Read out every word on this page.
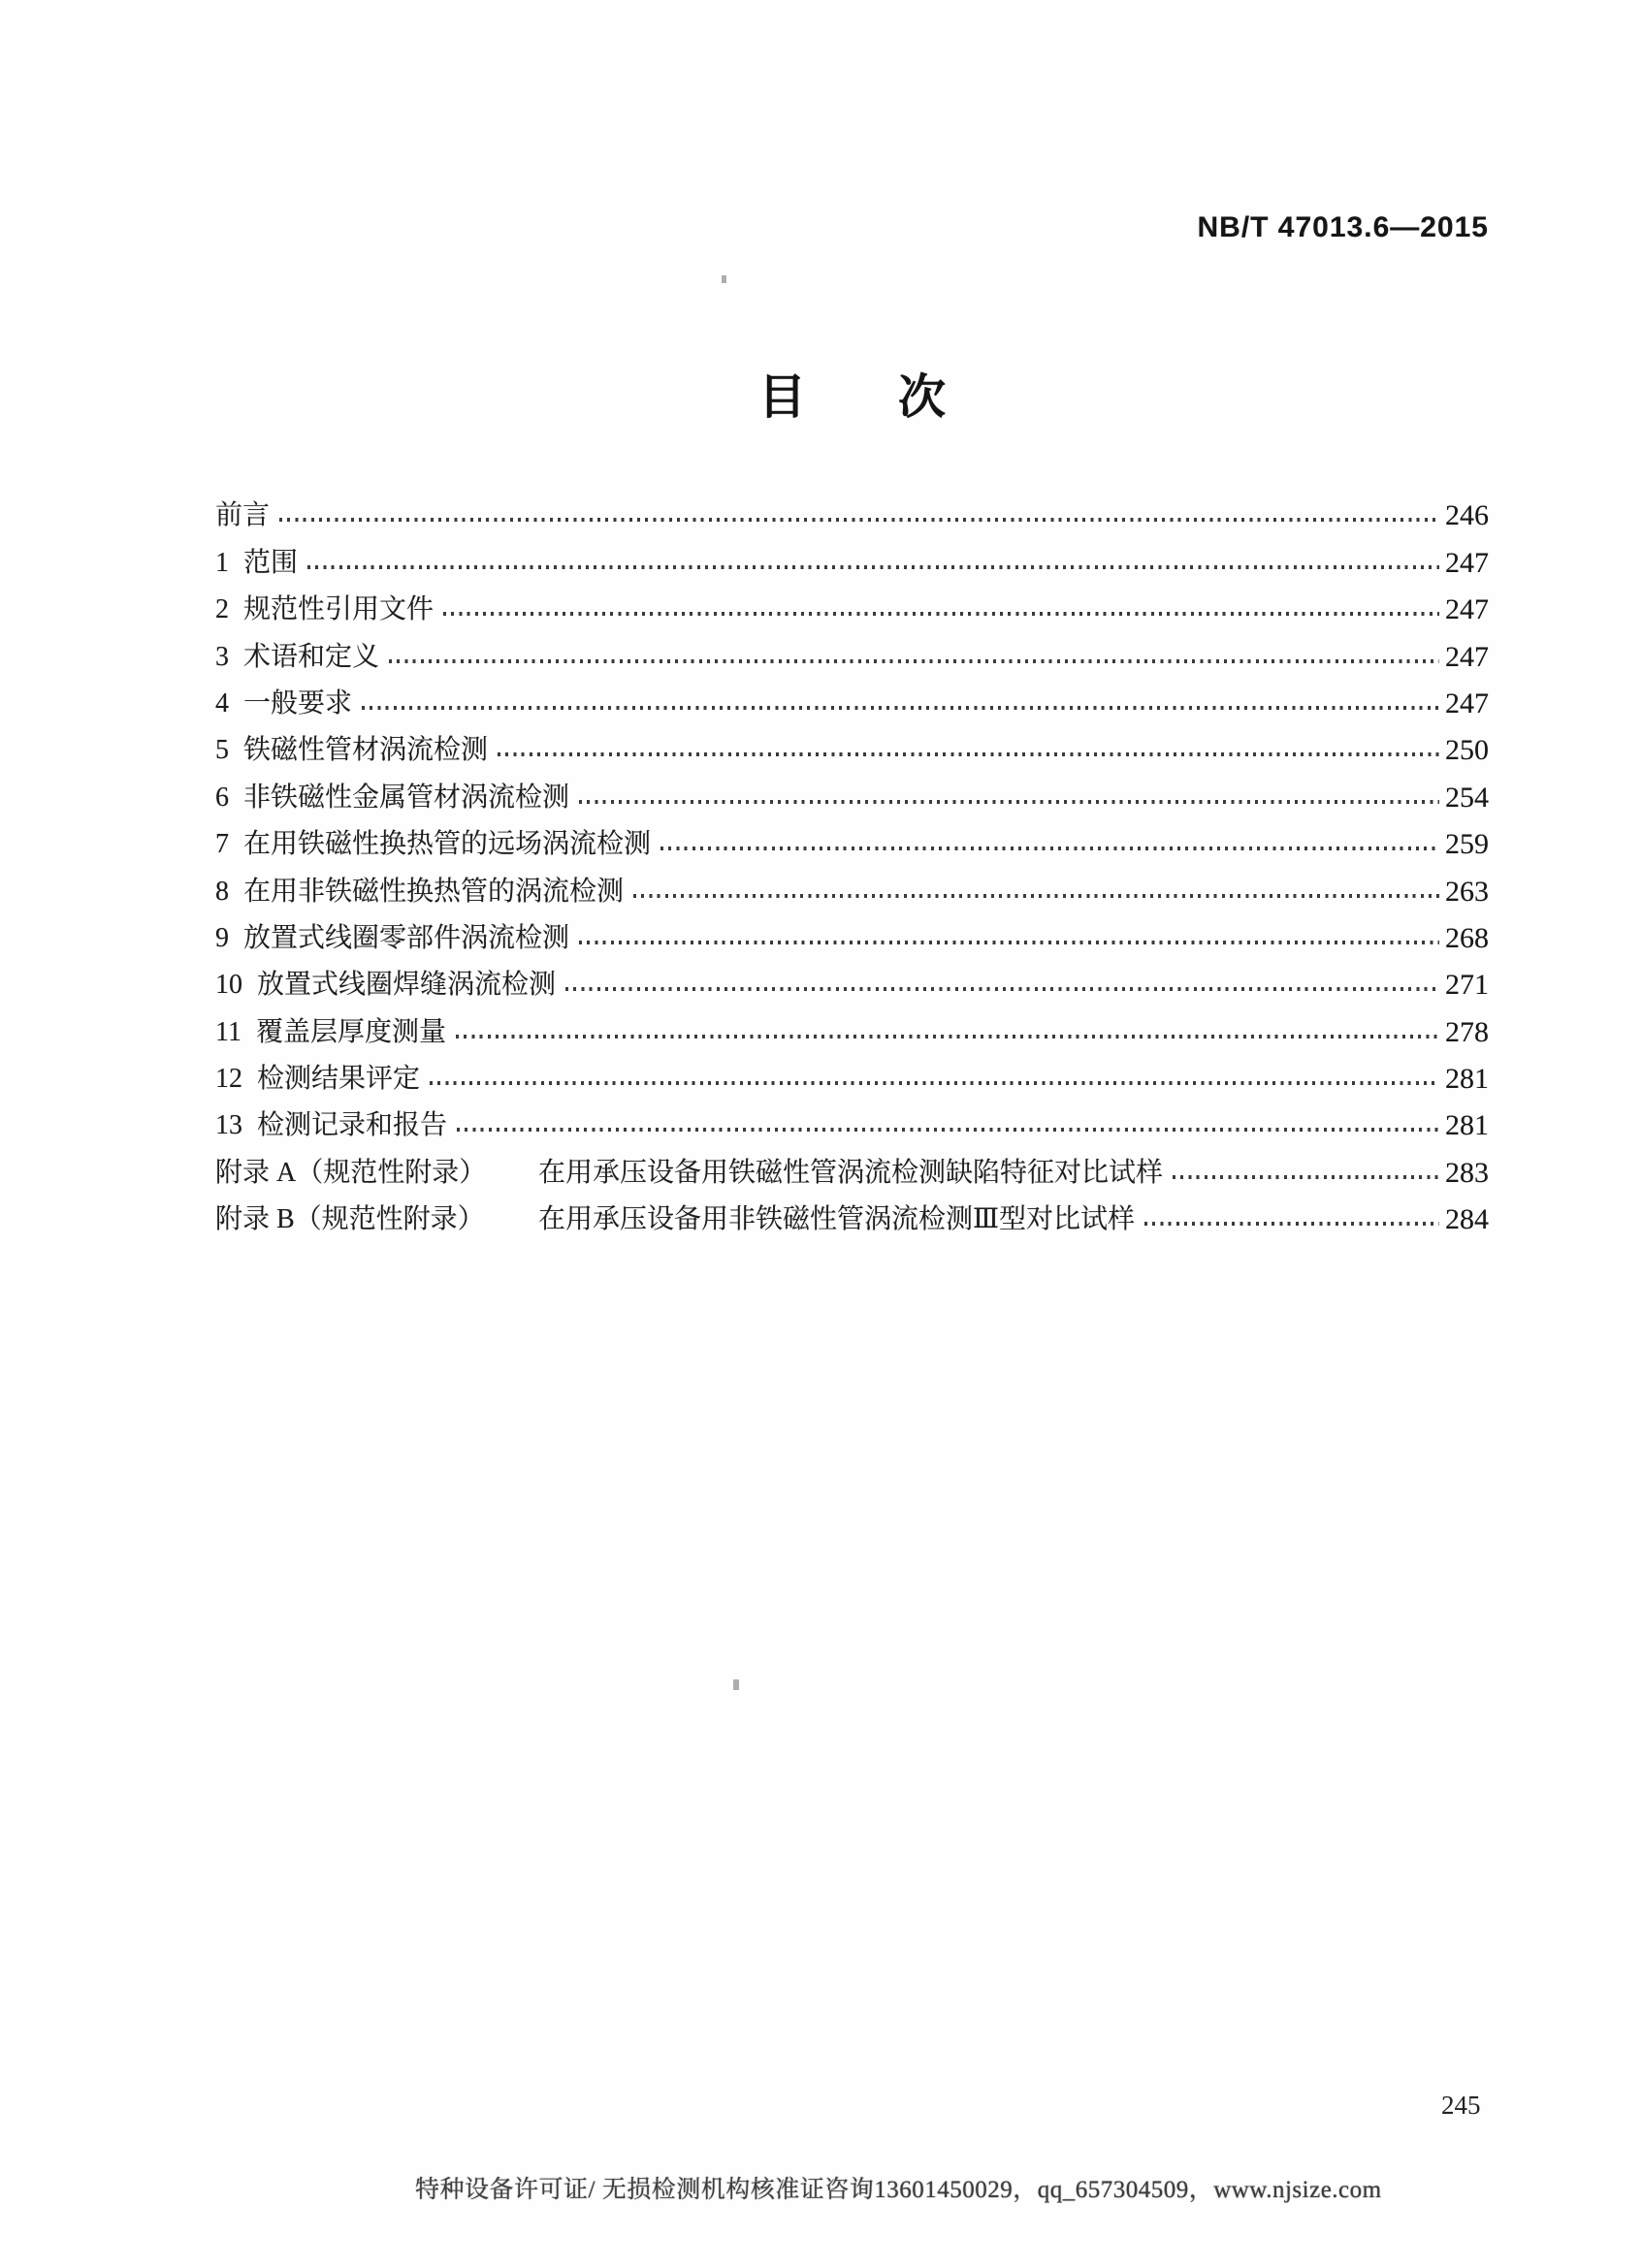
NB/T 47013.6—2015
目 次
前言	246
1 范围	247
2 规范性引用文件	247
3 术语和定义	247
4 一般要求	247
5 铁磁性管材涡流检测	250
6 非铁磁性金属管材涡流检测	254
7 在用铁磁性换热管的远场涡流检测	259
8 在用非铁磁性换热管的涡流检测	263
9 放置式线圈零部件涡流检测	268
10 放置式线圈焊缝涡流检测	271
11 覆盖层厚度测量	278
12 检测结果评定	281
13 检测记录和报告	281
附录 A（规范性附录）	在用承压设备用铁磁性管涡流检测缺陷特征对比试样	283
附录 B（规范性附录）	在用承压设备用非铁磁性管涡流检测Ⅲ型对比试样	284
245
特种设备许可证/ 无损检测机构核准证咨询13601450029，qq_657304509，www.njsize.com
